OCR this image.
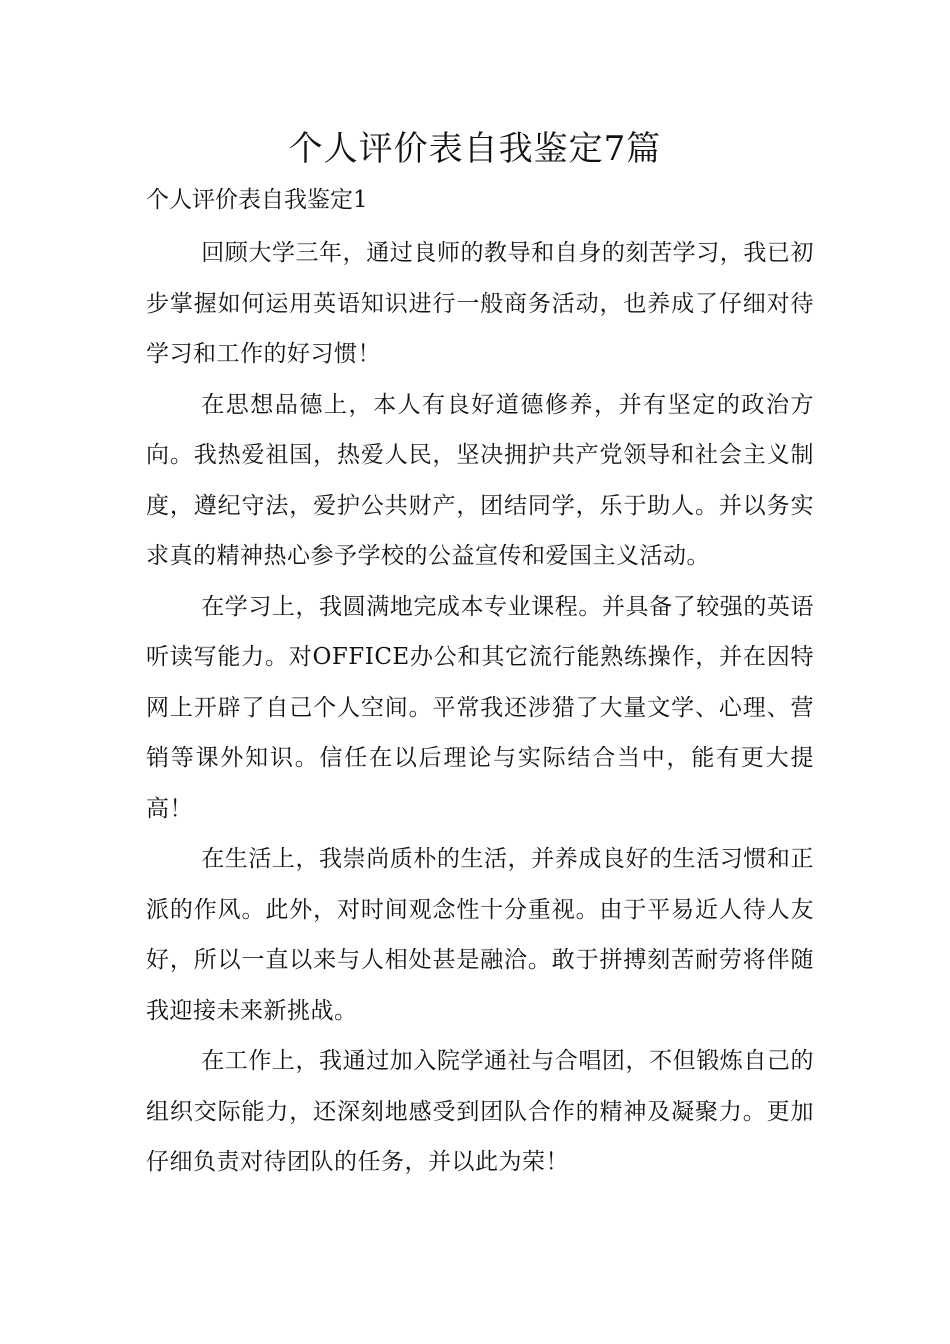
个人评价表自我鉴定7篇
个人评价表自我鉴定1

回顾大学三年，通过良师的教导和自身的刻苦学习，我已初步掌握如何运用英语知识进行一般商务活动，也养成了仔细对待学习和工作的好习惯！

在思想品德上，本人有良好道德修养，并有坚定的政治方向。我热爱祖国，热爱人民，坚决拥护共产党领导和社会主义制度，遵纪守法，爱护公共财产，团结同学，乐于助人。并以务实求真的精神热心参予学校的公益宣传和爱国主义活动。

在学习上，我圆满地完成本专业课程。并具备了较强的英语听读写能力。对OFFICE办公和其它流行能熟练操作，并在因特网上开辟了自己个人空间。平常我还涉猎了大量文学、心理、营销等课外知识。信任在以后理论与实际结合当中，能有更大提高！

在生活上，我崇尚质朴的生活，并养成良好的生活习惯和正派的作风。此外，对时间观念性十分重视。由于平易近人待人友好，所以一直以来与人相处甚是融洽。敢于拼搏刻苦耐劳将伴随我迎接未来新挑战。

在工作上，我通过加入院学通社与合唱团，不但锻炼自己的组织交际能力，还深刻地感受到团队合作的精神及凝聚力。更加仔细负责对待团队的任务，并以此为荣！
